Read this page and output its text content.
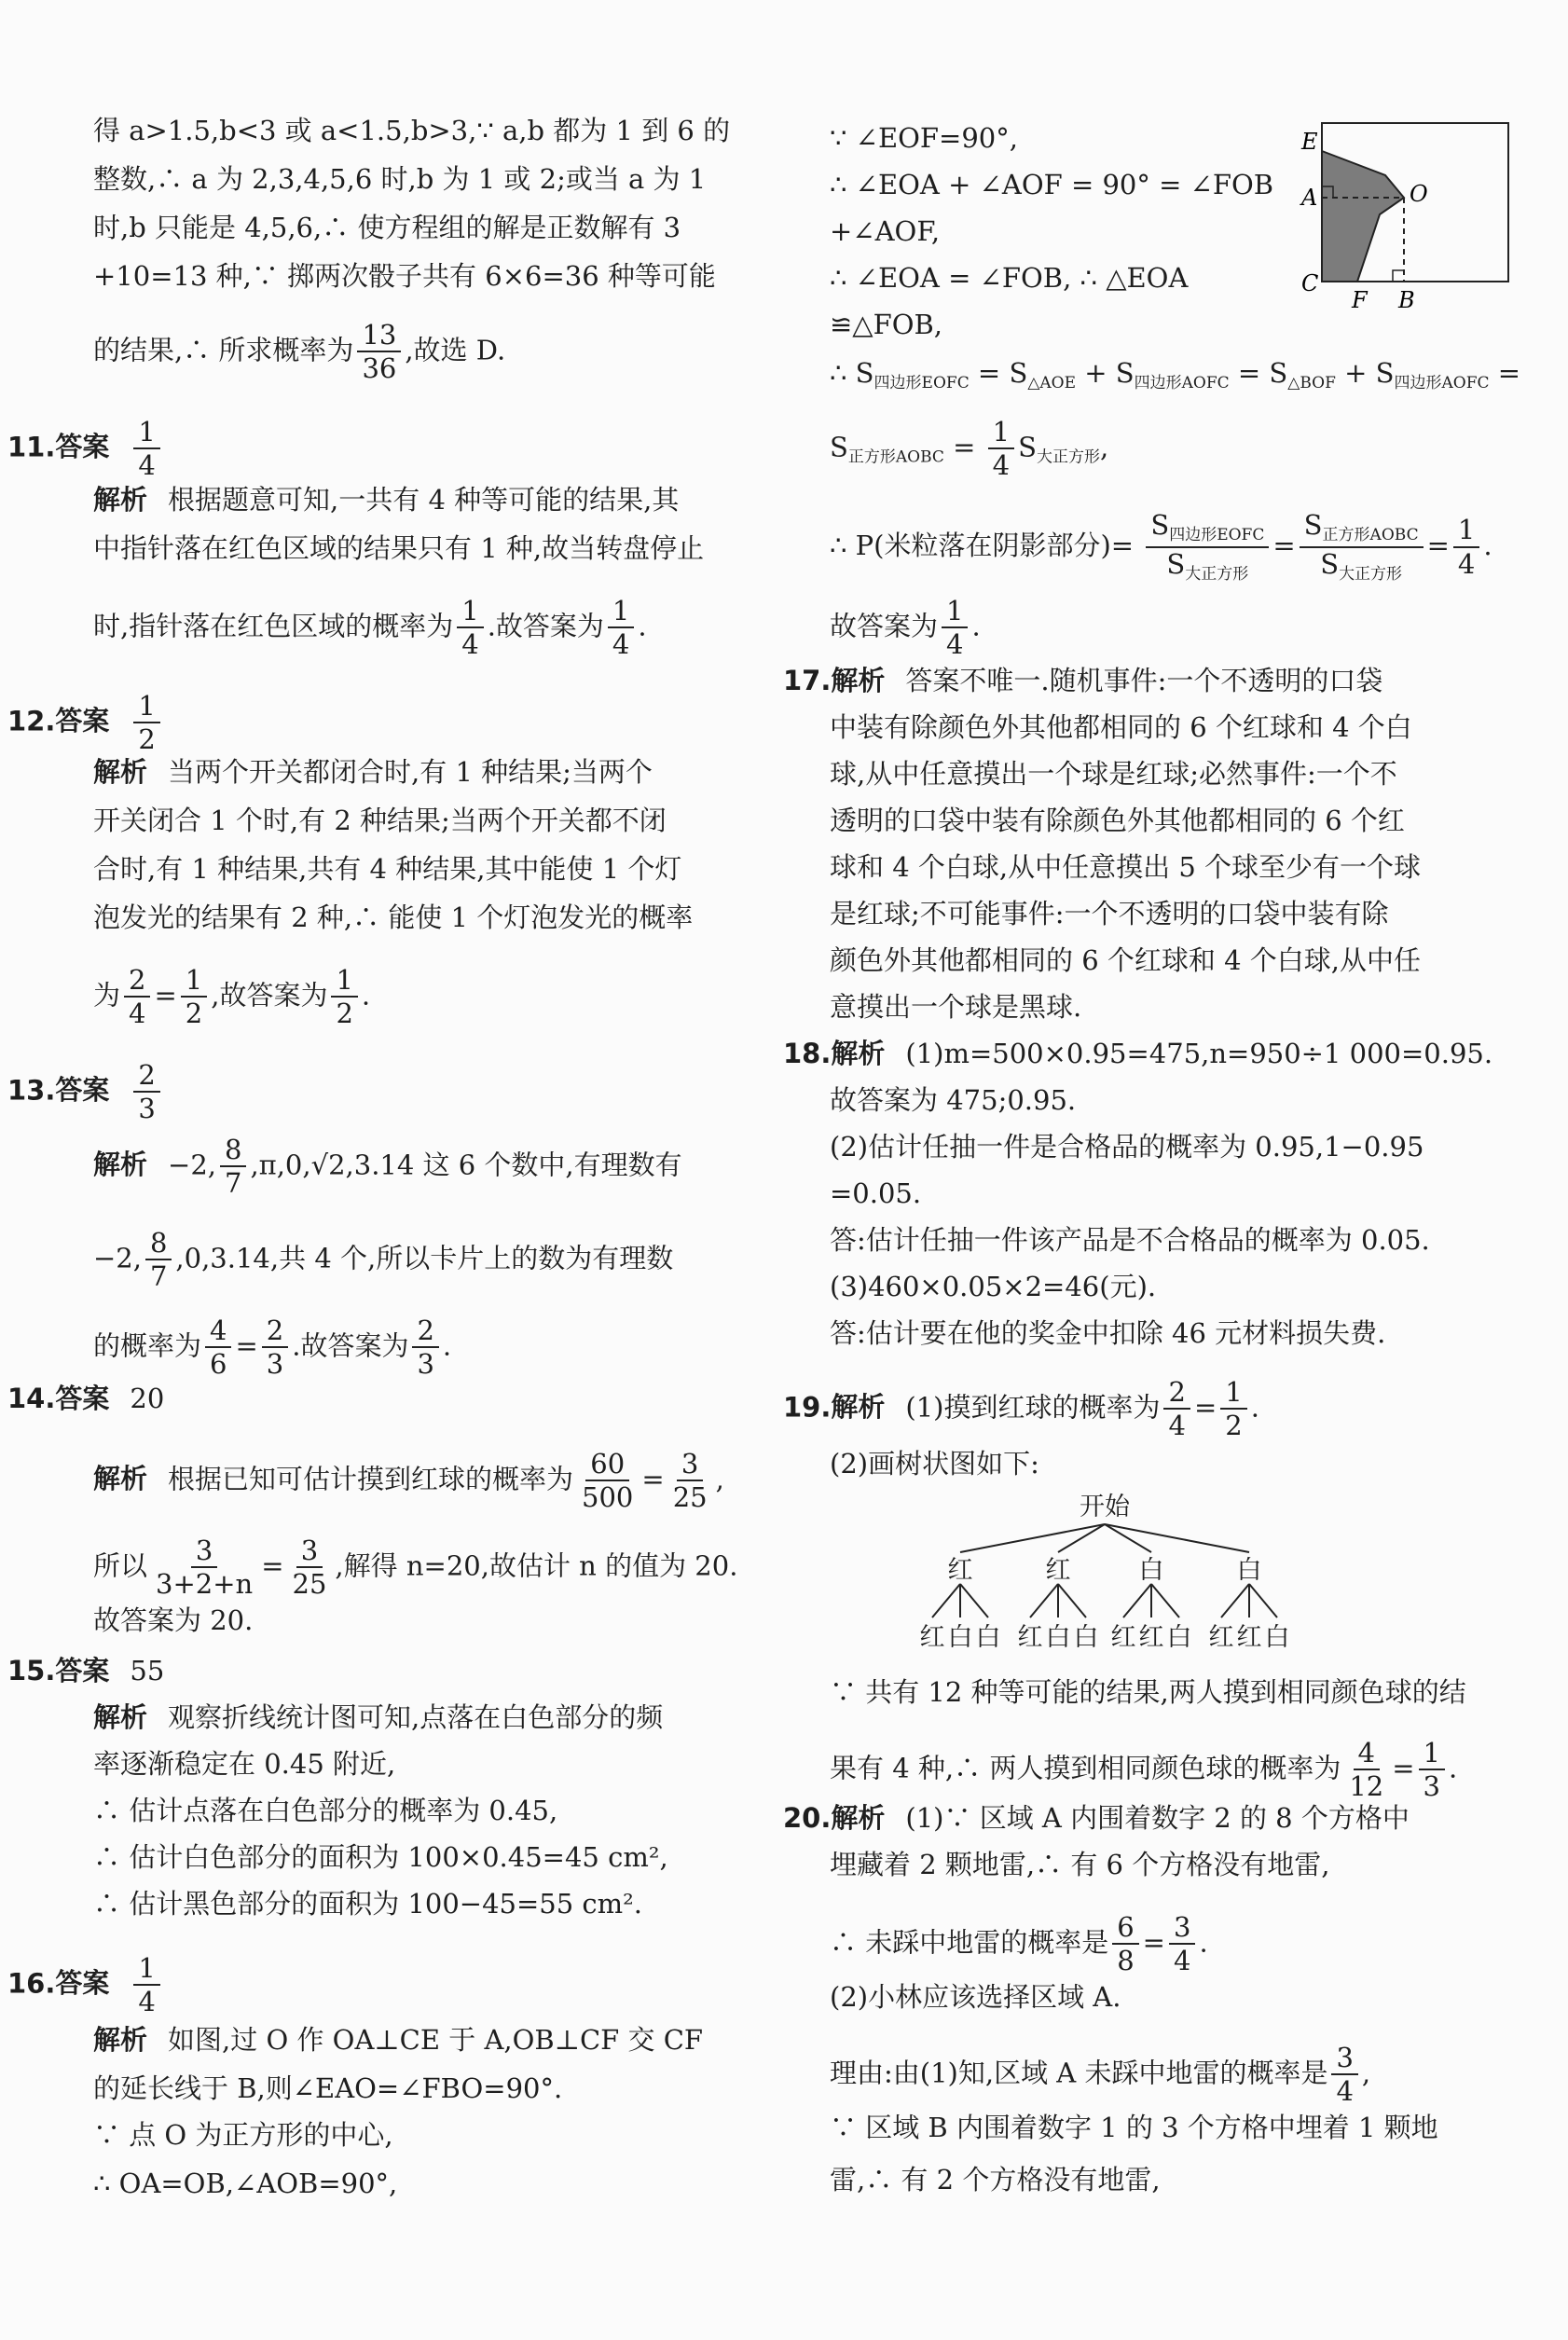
得 a>1.5,b<3 或 a<1.5,b>3,∵ a,b 都为 1 到 6 的
整数,∴ a 为 2,3,4,5,6 时,b 为 1 或 2;或当 a 为 1
时,b 只能是 4,5,6,∴ 使方程组的解是正数解有 3
+10=13 种,∵ 掷两次骰子共有 6×6=36 种等可能
的结果,∴ 所求概率为 $\frac{13}{36}$ ,故选 D.
11.答案 $\frac{1}{4}$
解析 根据题意可知,一共有 4 种等可能的结果,其
中指针落在红色区域的结果只有 1 种,故当转盘停止
时,指针落在红色区域的概率为 $\frac{1}{4}$ .故答案为 $\frac{1}{4}$ .
12.答案 $\frac{1}{2}$
解析 当两个开关都闭合时,有 1 种结果;当两个
开关闭合 1 个时,有 2 种结果;当两个开关都不闭
合时,有 1 种结果,共有 4 种结果,其中能使 1 个灯
泡发光的结果有 2 种,∴ 能使 1 个灯泡发光的概率
为 $\frac{2}{4} = \frac{1}{2}$ ,故答案为 $\frac{1}{2}$ .
13.答案 $\frac{2}{3}$
解析 −2, $\frac{8}{7} ,\pi,0,√2,3.14$ 这 6 个数中,有理数有
−2, $\frac{8}{7} ,0,3.14$,共 4 个,所以卡片上的数为有理数
的概率为 $\frac{4}{6} = \frac{2}{3}$ .故答案为 $\frac{2}{3}$ .
14.答案 20
解析 根据已知可估计摸到红球的概率为 $\frac{60}{500} = \frac{3}{25}$ ,
所以 $\frac{3}{3+2+n} = \frac{3}{25}$ ,解得 n=20,故估计 n 的值为 20.
故答案为 20.
15.答案 55
解析 观察折线统计图可知,点落在白色部分的频
率逐渐稳定在 0.45 附近,
∴ 估计点落在白色部分的概率为 0.45,
∴ 估计白色部分的面积为 100×0.45=45 cm²,
∴ 估计黑色部分的面积为 100−45=55 cm².
16.答案 $\frac{1}{4}$
解析 如图,过 O 作 OA⊥CE 于 A,OB⊥CF 交 CF
的延长线于 B,则∠EAO=∠FBO=90°.
∵ 点 O 为正方形的中心,
∴ OA=OB,∠AOB=90°,
∵ ∠EOF=90°,
∴ ∠EOA + ∠AOF = 90° = ∠FOB
+∠AOF,
∴ ∠EOA = ∠FOB, ∴ △EOA
≌△FOB,
E
A	O
C
F B
∴ $S_{四边形EOFC} = S_{\triangle AOE} + S_{四边形AOFC} = S_{\triangle BOF} + S_{四边形AOFC}$ =
$S_{正方形AOBC} = \frac{1}{4} S_{大正方形}$,
∴ P(米粒落在阴影部分)= $\frac{S_{四边形EOFC}}{S_{大正方形}} = \frac{S_{正方形AOBC}}{S_{大正方形}} = \frac{1}{4}$ .
故答案为 $\frac{1}{4}$ .
17.解析 答案不唯一.随机事件:一个不透明的口袋
中装有除颜色外其他都相同的 6 个红球和 4 个白
球,从中任意摸出一个球是红球;必然事件:一个不
透明的口袋中装有除颜色外其他都相同的 6 个红
球和 4 个白球,从中任意摸出 5 个球至少有一个球
是红球;不可能事件:一个不透明的口袋中装有除
颜色外其他都相同的 6 个红球和 4 个白球,从中任
意摸出一个球是黑球.
18.解析 (1)m=500×0.95=475,n=950÷1 000=0.95.
故答案为 475;0.95.
(2)估计任抽一件是合格品的概率为 0.95,1−0.95
=0.05.
答:估计任抽一件该产品是不合格品的概率为 0.05.
(3)460×0.05×2=46(元).
答:估计要在他的奖金中扣除 46 元材料损失费.
19.解析 (1)摸到红球的概率为 $\frac{2}{4} = \frac{1}{2}$ .
(2)画树状图如下:
开始
红	红	白	白
红 白 白 红 白 白 红 红 白 红 红 白
∵ 共有 12 种等可能的结果,两人摸到相同颜色球的结
果有 4 种,∴ 两人摸到相同颜色球的概率为 $\frac{4}{12} = \frac{1}{3}$ .
20.解析 (1)∵ 区域 A 内围着数字 2 的 8 个方格中
埋藏着 2 颗地雷,∴ 有 6 个方格没有地雷,
∴ 未踩中地雷的概率是 $\frac{6}{8} = \frac{3}{4}$ .
(2)小林应该选择区域 A.
理由:由(1)知,区域 A 未踩中地雷的概率是 $\frac{3}{4}$ ,
∵ 区域 B 内围着数字 1 的 3 个方格中埋着 1 颗地
雷,∴ 有 2 个方格没有地雷,
